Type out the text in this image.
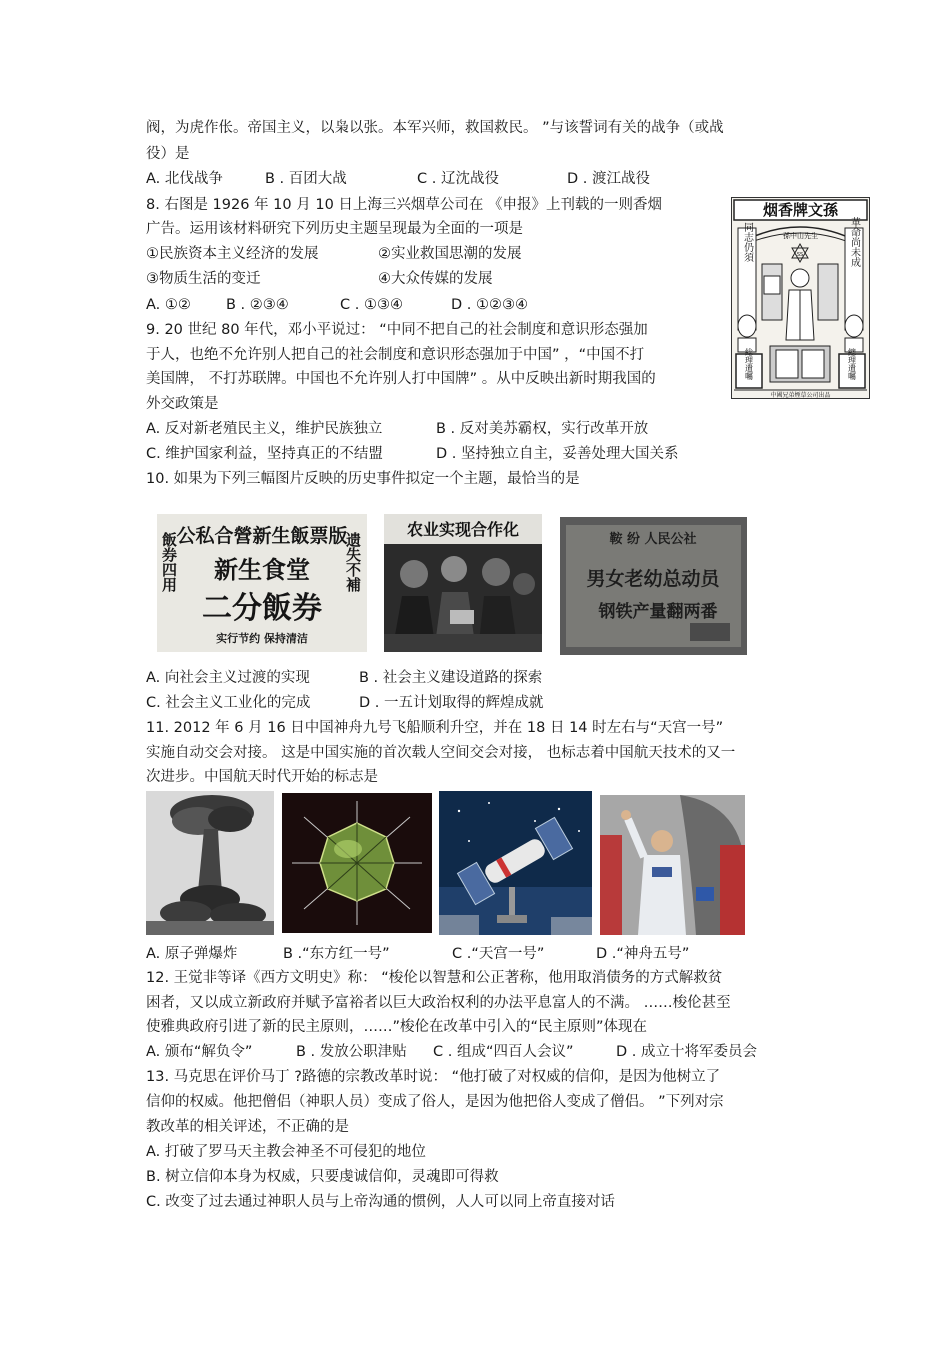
阀，为虎作伥。帝国主义，以枭以张。本军兴师，救国救民。 ”与该誓词有关的战争（或战
役）是
A. 北伐战争	B . 百团大战	C . 辽沈战役	D . 渡江战役
8. 右图是 1926 年 10 月 10 日上海三兴烟草公司在 《申报》上刊载的一则香烟
广告。运用该材料研究下列历史主题呈现最为全面的一项是
①民族资本主义经济的发展	②实业救国思潮的发展
③物质生活的变迁	④大众传媒的发展
A. ①② B . ②③④	C . ①③④	D . ①②③④
烟香牌文孫
同志仍須	革命尚未成
孫中山先生
SS
総理遺囑	總理遺囑
中國兄弟煙草公司出品
9. 20 世纪 80 年代，邓小平说过： “中同不把自己的社会制度和意识形态强加
于人，也绝不允许别人把自己的社会制度和意识形态强加于中国” ，“中国不打
美国牌， 不打苏联牌。中国也不允许别人打中国牌” 。从中反映出新时期我国的
外交政策是
A. 反对新老殖民主义，维护民族独立	B . 反对美苏霸权，实行改革开放
C. 维护国家利益，坚持真正的不结盟	D . 坚持独立自主，妥善处理大国关系
10. 如果为下列三幅图片反映的历史事件拟定一个主题，最恰当的是
公私合營新生飯票版
新生食堂
二分飯券
飯券四用	遗失不補
实行节约 保持清洁
农业实现合作化
鞍 纷 人民公社
男女老幼总动员
钢铁产量翻两番
A. 向社会主义过渡的实现	B . 社会主义建设道路的探索
C. 社会主义工业化的完成	D . 一五计划取得的辉煌成就
11. 2012 年 6 月 16 日中国神舟九号飞船顺利升空，并在 18 日 14 时左右与“天宫一号”
实施自动交会对接。 这是中国实施的首次载人空间交会对接， 也标志着中国航天技术的又一
次进步。中国航天时代开始的标志是
A. 原子弹爆炸	B .“东方红一号”	C .“天宫一号”	D .“神舟五号”
12. 王觉非等译《西方文明史》称： “梭伦以智慧和公正著称，他用取消债务的方式解救贫
困者，又以成立新政府并赋予富裕者以巨大政治权利的办法平息富人的不满。 ……梭伦甚至
使雅典政府引进了新的民主原则，……”梭伦在改革中引入的“民主原则”体现在
A. 颁布“解负令”	B . 发放公职津贴 C . 组成“四百人会议”	D . 成立十将军委员会
13. 马克思在评价马丁 ?路德的宗教改革时说： “他打破了对权威的信仰，是因为他树立了
信仰的权威。他把僧侣（神职人员）变成了俗人，是因为他把俗人变成了僧侣。 ”下列对宗
教改革的相关评述，不正确的是
A. 打破了罗马天主教会神圣不可侵犯的地位
B. 树立信仰本身为权威，只要虔诚信仰，灵魂即可得救
C. 改变了过去通过神职人员与上帝沟通的惯例，人人可以同上帝直接对话
